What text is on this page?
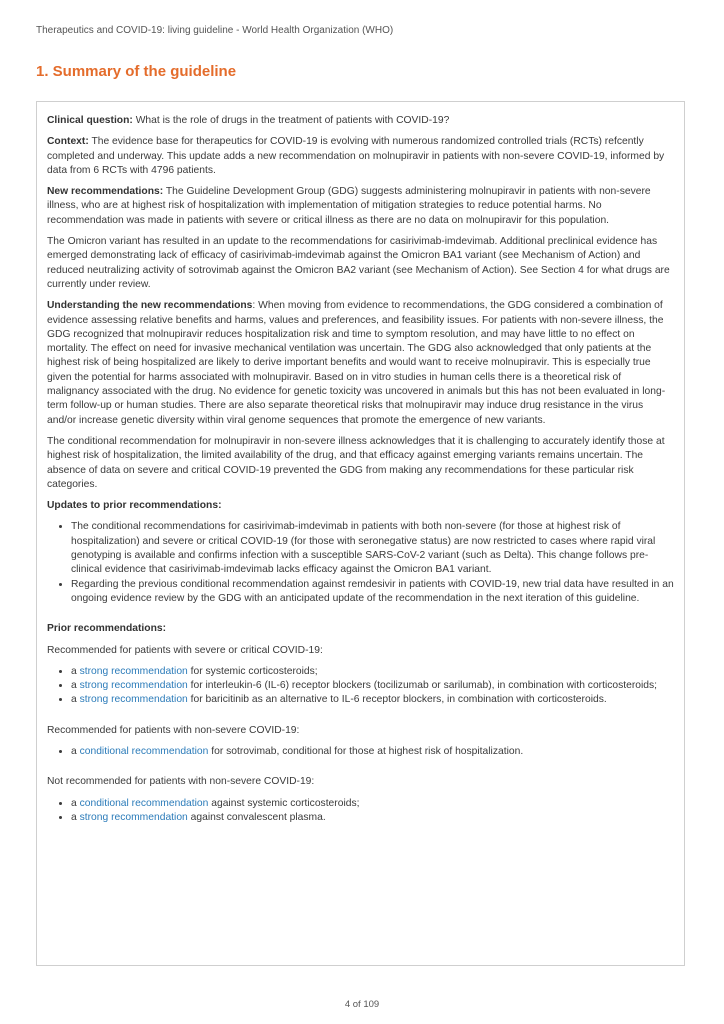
Therapeutics and COVID-19: living guideline - World Health Organization (WHO)
1. Summary of the guideline

Clinical question: What is the role of drugs in the treatment of patients with COVID-19?

Context: The evidence base for therapeutics for COVID-19 is evolving with numerous randomized controlled trials (RCTs) refcently completed and underway. This update adds a new recommendation on molnupiravir in patients with non-severe COVID-19, informed by data from 6 RCTs with 4796 patients.

New recommendations: The Guideline Development Group (GDG) suggests administering molnupiravir in patients with non-severe illness, who are at highest risk of hospitalization with implementation of mitigation strategies to reduce potential harms. No recommendation was made in patients with severe or critical illness as there are no data on molnupiravir for this population.

The Omicron variant has resulted in an update to the recommendations for casirivimab-imdevimab. Additional preclinical evidence has emerged demonstrating lack of efficacy of casirivimab-imdevimab against the Omicron BA1 variant (see Mechanism of Action) and reduced neutralizing activity of sotrovimab against the Omicron BA2 variant (see Mechanism of Action). See Section 4 for what drugs are currently under review.

Understanding the new recommendations: When moving from evidence to recommendations, the GDG considered a combination of evidence assessing relative benefits and harms, values and preferences, and feasibility issues. For patients with non-severe illness, the GDG recognized that molnupiravir reduces hospitalization risk and time to symptom resolution, and may have little to no effect on mortality. The effect on need for invasive mechanical ventilation was uncertain. The GDG also acknowledged that only patients at the highest risk of being hospitalized are likely to derive important benefits and would want to receive molnupiravir. This is especially true given the potential for harms associated with molnupiravir. Based on in vitro studies in human cells there is a theoretical risk of malignancy associated with the drug. No evidence for genetic toxicity was uncovered in animals but this has not been evaluated in long-term follow-up or human studies. There are also separate theoretical risks that molnupiravir may induce drug resistance in the virus and/or increase genetic diversity within viral genome sequences that promote the emergence of new variants.

The conditional recommendation for molnupiravir in non-severe illness acknowledges that it is challenging to accurately identify those at highest risk of hospitalization, the limited availability of the drug, and that efficacy against emerging variants remains uncertain. The absence of data on severe and critical COVID-19 prevented the GDG from making any recommendations for these particular risk categories.

Updates to prior recommendations:

• The conditional recommendations for casirivimab-imdevimab in patients with both non-severe (for those at highest risk of hospitalization) and severe or critical COVID-19 (for those with seronegative status) are now restricted to cases where rapid viral genotyping is available and confirms infection with a susceptible SARS-CoV-2 variant (such as Delta). This change follows pre-clinical evidence that casirivimab-imdevimab lacks efficacy against the Omicron BA1 variant.
• Regarding the previous conditional recommendation against remdesivir in patients with COVID-19, new trial data have resulted in an ongoing evidence review by the GDG with an anticipated update of the recommendation in the next iteration of this guideline.

Prior recommendations:

Recommended for patients with severe or critical COVID-19:

• a strong recommendation for systemic corticosteroids;
• a strong recommendation for interleukin-6 (IL-6) receptor blockers (tocilizumab or sarilumab), in combination with corticosteroids;
• a strong recommendation for baricitinib as an alternative to IL-6 receptor blockers, in combination with corticosteroids.

Recommended for patients with non-severe COVID-19:

• a conditional recommendation for sotrovimab, conditional for those at highest risk of hospitalization.

Not recommended for patients with non-severe COVID-19:

• a conditional recommendation against systemic corticosteroids;
• a strong recommendation against convalescent plasma.
4 of 109
